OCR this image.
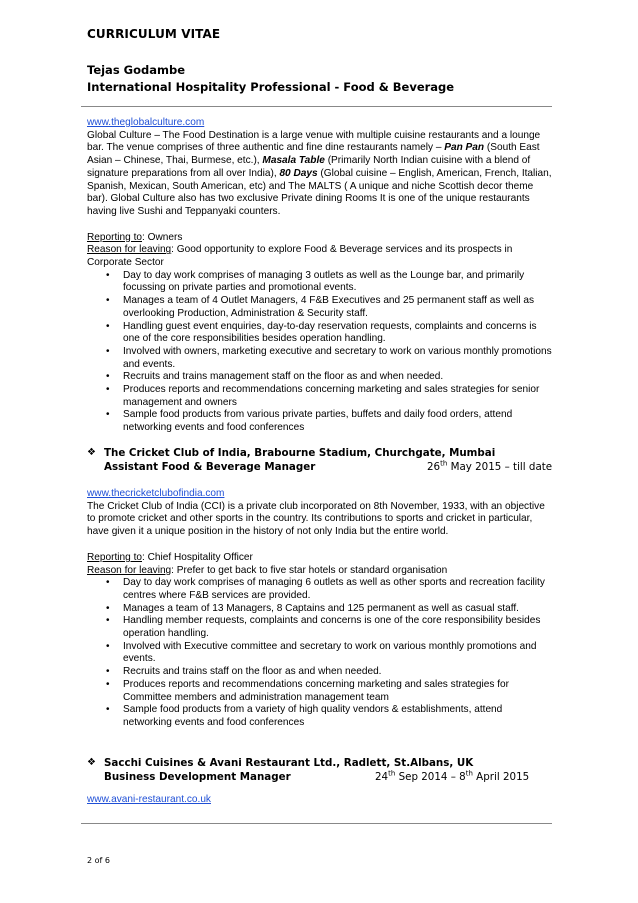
CURRICULUM VITAE
Tejas Godambe
International Hospitality Professional - Food & Beverage
www.theglobalculture.com
Global Culture – The Food Destination is a large venue with multiple cuisine restaurants and a lounge bar. The venue comprises of three authentic and fine dine restaurants namely – Pan Pan (South East Asian – Chinese, Thai, Burmese, etc.), Masala Table (Primarily North Indian cuisine with a blend of signature preparations from all over India), 80 Days (Global cuisine – English, American, French, Italian, Spanish, Mexican, South American, etc) and The MALTS ( A unique and niche Scottish decor theme bar). Global Culture also has two exclusive Private dining Rooms It is one of the unique restaurants having live Sushi and Teppanyaki counters.
Reporting to: Owners
Reason for leaving: Good opportunity to explore Food & Beverage services and its prospects in Corporate Sector
• Day to day work comprises of managing 3 outlets as well as the Lounge bar, and primarily focussing on private parties and promotional events.
• Manages a team of 4 Outlet Managers, 4 F&B Executives and 25 permanent staff as well as overlooking Production, Administration & Security staff.
• Handling guest event enquiries, day-to-day reservation requests, complaints and concerns is one of the core responsibilities besides operation handling.
• Involved with owners, marketing executive and secretary to work on various monthly promotions and events.
• Recruits and trains management staff on the floor as and when needed.
• Produces reports and recommendations concerning marketing and sales strategies for senior management and owners
• Sample food products from various private parties, buffets and daily food orders, attend networking events and food conferences
❖ The Cricket Club of India, Brabourne Stadium, Churchgate, Mumbai
Assistant Food & Beverage Manager	26th May 2015 – till date
www.thecricketclubofindia.com
The Cricket Club of India (CCI) is a private club incorporated on 8th November, 1933, with an objective to promote cricket and other sports in the country. Its contributions to sports and cricket in particular, have given it a unique position in the history of not only India but the entire world.
Reporting to: Chief Hospitality Officer
Reason for leaving: Prefer to get back to five star hotels or standard organisation
• Day to day work comprises of managing 6 outlets as well as other sports and recreation facility centres where F&B services are provided.
• Manages a team of 13 Managers, 8 Captains and 125 permanent as well as casual staff.
• Handling member requests, complaints and concerns is one of the core responsibility besides operation handling.
• Involved with Executive committee and secretary to work on various monthly promotions and events.
• Recruits and trains staff on the floor as and when needed.
• Produces reports and recommendations concerning marketing and sales strategies for Committee members and administration management team
• Sample food products from a variety of high quality vendors & establishments, attend networking events and food conferences
❖ Sacchi Cuisines & Avani Restaurant Ltd., Radlett, St.Albans, UK
Business Development Manager	24th Sep 2014 – 8th April 2015
www.avani-restaurant.co.uk
2 of 6
